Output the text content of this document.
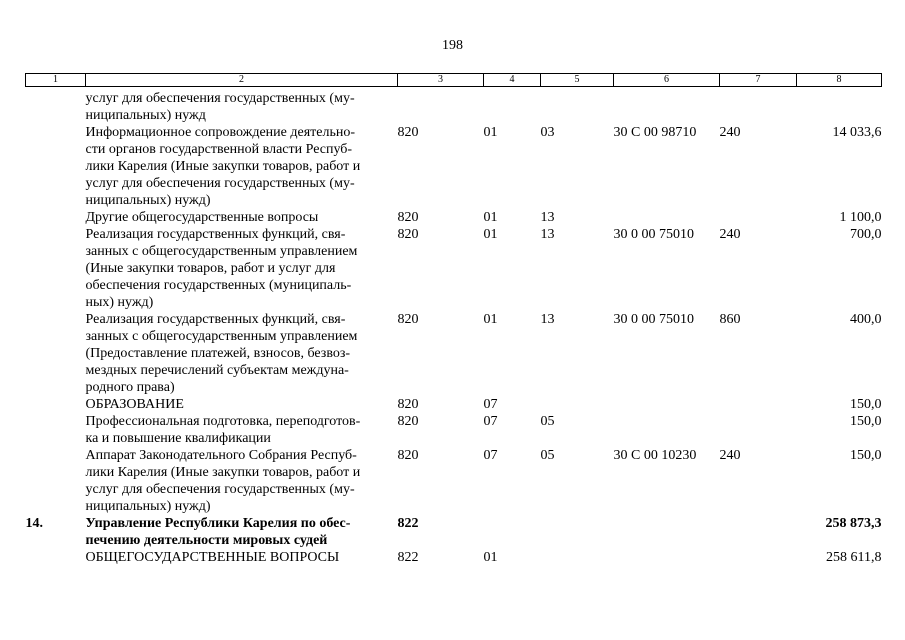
198
1	2	3	4	5	6	7	8
	услуг для обеспечения государственных (му-
ниципальных) нужд						
	Информационное сопровождение деятельно-
сти органов государственной власти Респуб-
лики Карелия (Иные закупки товаров, работ и
услуг для обеспечения государственных (му-
ниципальных) нужд)	820	01	03	30 С 00 98710	240	14 033,6
	Другие общегосударственные вопросы	820	01	13			1 100,0
	Реализация государственных функций, свя-
занных с общегосударственным управлением
(Иные закупки товаров, работ и услуг для
обеспечения государственных (муниципаль-
ных) нужд)	820	01	13	30 0 00 75010	240	700,0
	Реализация государственных функций, свя-
занных с общегосударственным управлением
(Предоставление платежей, взносов, безвоз-
мездных перечислений субъектам междуна-
родного права)	820	01	13	30 0 00 75010	860	400,0
	ОБРАЗОВАНИЕ	820	07				150,0
	Профессиональная подготовка, переподготов-
ка и повышение квалификации	820	07	05			150,0
	Аппарат Законодательного Собрания Респуб-
лики Карелия (Иные закупки товаров, работ и
услуг для обеспечения государственных (му-
ниципальных) нужд)	820	07	05	30 С 00 10230	240	150,0
14.	Управление Республики Карелия по обес-
печению деятельности мировых судей	822					258 873,3
	ОБЩЕГОСУДАРСТВЕННЫЕ ВОПРОСЫ	822	01				258 611,8
